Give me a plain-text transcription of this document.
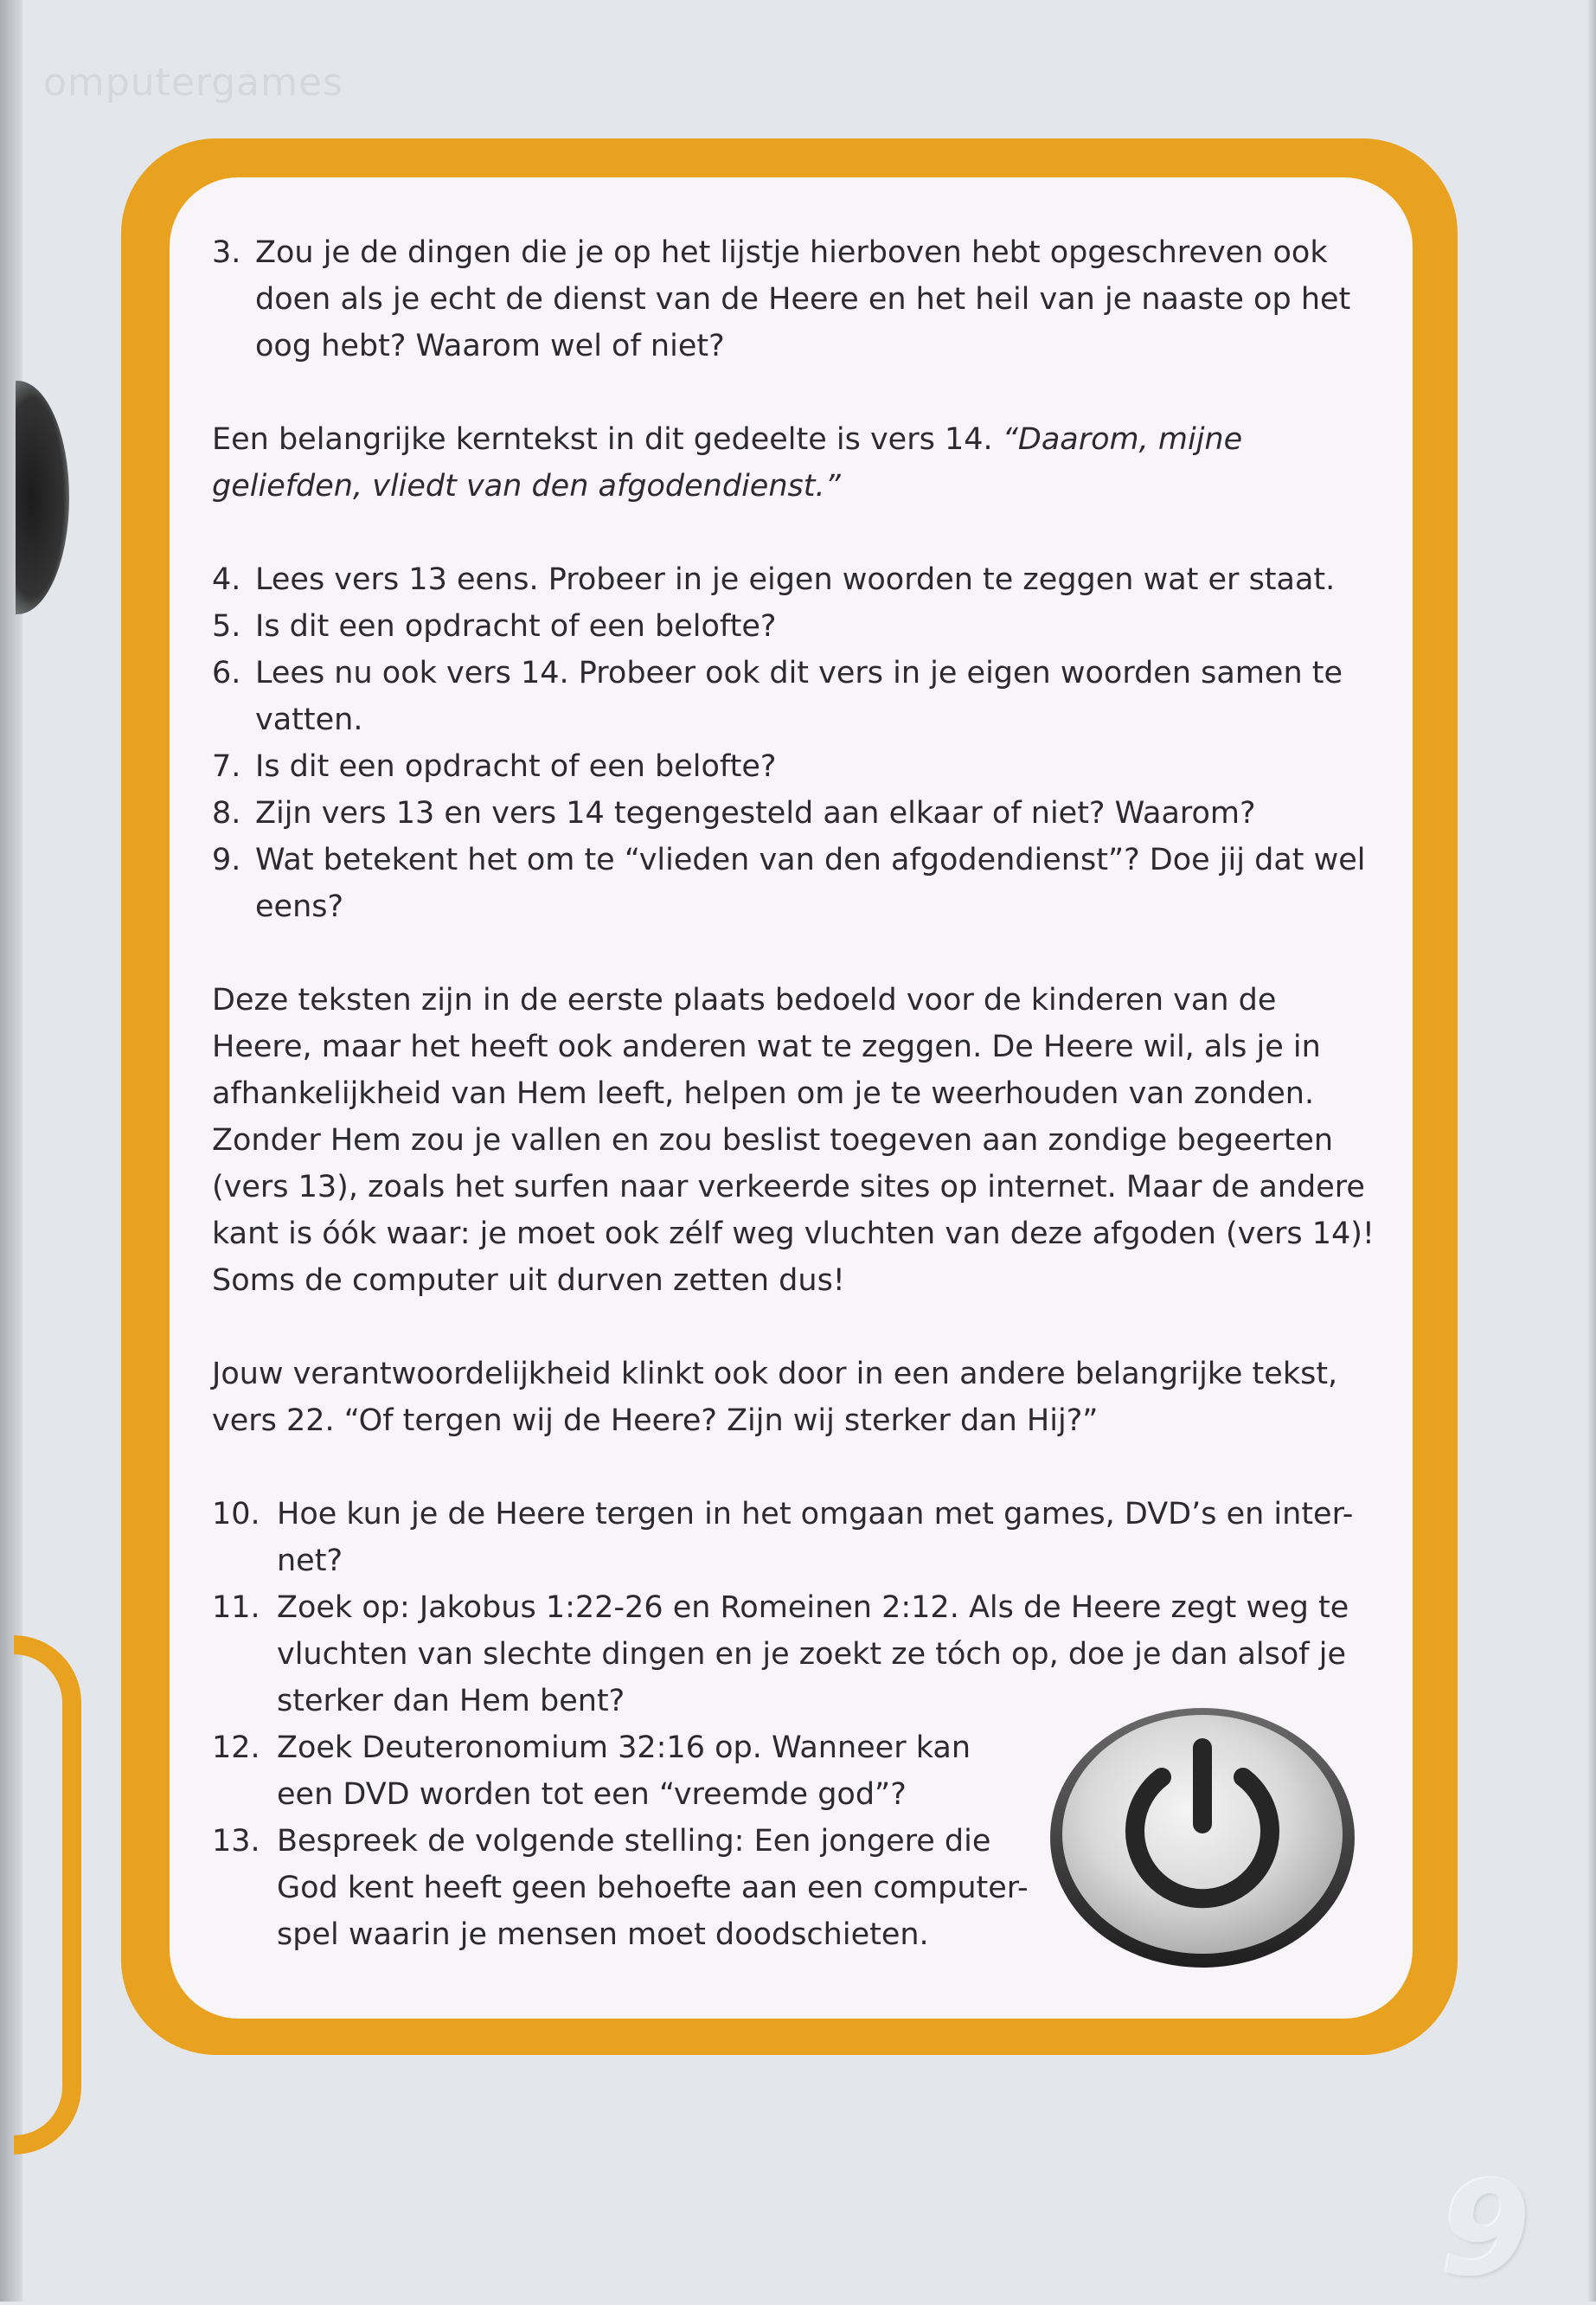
omputergames
3. Zou je de dingen die je op het lijstje hierboven hebt opgeschreven ook doen als je echt de dienst van de Heere en het heil van je naaste op het oog hebt? Waarom wel of niet?
Een belangrijke kerntekst in dit gedeelte is vers 14. “Daarom, mijne geliefden, vliedt van den afgodendienst.”
4. Lees vers 13 eens. Probeer in je eigen woorden te zeggen wat er staat.
5. Is dit een opdracht of een belofte?
6. Lees nu ook vers 14. Probeer ook dit vers in je eigen woorden samen te vatten.
7. Is dit een opdracht of een belofte?
8. Zijn vers 13 en vers 14 tegengesteld aan elkaar of niet? Waarom?
9. Wat betekent het om te “vlieden van den afgodendienst”? Doe jij dat wel eens?
Deze teksten zijn in de eerste plaats bedoeld voor de kinderen van de Heere, maar het heeft ook anderen wat te zeggen. De Heere wil, als je in afhankelijkheid van Hem leeft, helpen om je te weerhouden van zonden. Zonder Hem zou je vallen en zou beslist toegeven aan zondige begeerten (vers 13), zoals het surfen naar verkeerde sites op internet. Maar de andere kant is óók waar: je moet ook zélf weg vluchten van deze afgoden (vers 14)! Soms de computer uit durven zetten dus!
Jouw verantwoordelijkheid klinkt ook door in een andere belangrijke tekst, vers 22. “Of tergen wij de Heere? Zijn wij sterker dan Hij?”
10. Hoe kun je de Heere tergen in het omgaan met games, DVD’s en inter-net?
11. Zoek op: Jakobus 1:22-26 en Romeinen 2:12. Als de Heere zegt weg te vluchten van slechte dingen en je zoekt ze tóch op, doe je dan alsof je sterker dan Hem bent?
12. Zoek Deuteronomium 32:16 op. Wanneer kan een DVD worden tot een “vreemde god”?
13. Bespreek de volgende stelling: Een jongere die God kent heeft geen behoefte aan een computer-spel waarin je mensen moet doodschieten.
9
